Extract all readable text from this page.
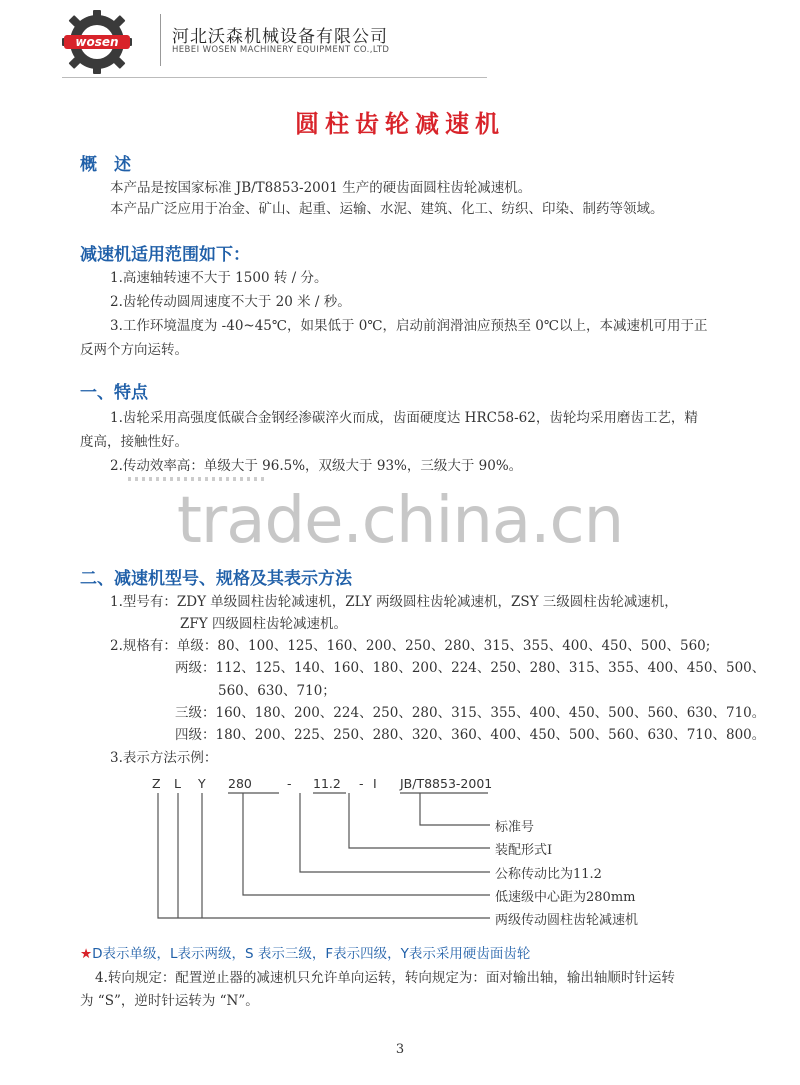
wosen	河北沃森机械设备有限公司
HEBEI WOSEN MACHINERY EQUIPMENT CO.,LTD
圆柱齿轮减速机
概　述
本产品是按国家标准 JB/T8853-2001 生产的硬齿面圆柱齿轮减速机。
本产品广泛应用于冶金、矿山、起重、运输、水泥、建筑、化工、纺织、印染、制药等领域。
减速机适用范围如下：
1.高速轴转速不大于 1500 转 / 分。
2.齿轮传动圆周速度不大于 20 米 / 秒。
3.工作环境温度为 -40~45℃，如果低于 0℃，启动前润滑油应预热至 0℃以上，本减速机可用于正
反两个方向运转。
一、特点
1.齿轮采用高强度低碳合金钢经渗碳淬火而成，齿面硬度达 HRC58-62，齿轮均采用磨齿工艺，精
度高，接触性好。
2.传动效率高：单级大于 96.5%，双级大于 93%，三级大于 90%。
trade.china.cn
二、减速机型号、规格及其表示方法
1.型号有：ZDY 单级圆柱齿轮减速机，ZLY 两级圆柱齿轮减速机，ZSY 三级圆柱齿轮减速机，
ZFY 四级圆柱齿轮减速机。
2.规格有：单级：80、100、125、160、200、250、280、315、355、400、450、500、560;
两级：112、125、140、160、180、200、224、250、280、315、355、400、450、500、
560、630、710；
三级：160、180、200、224、250、280、315、355、400、450、500、560、630、710。
四级：180、200、225、250、280、320、360、400、450、500、560、630、710、800。
3.表示方法示例：
Z L Y 280	- 11.2 - I JB/T8853-2001
标准号
装配形式I
公称传动比为11.2
低速级中心距为280mm
两级传动圆柱齿轮减速机
★D表示单级，L表示两级，S 表示三级，F表示四级，Y表示采用硬齿面齿轮
4.转向规定：配置逆止器的减速机只允许单向运转，转向规定为：面对输出轴，输出轴顺时针运转
为 “S”，逆时针运转为 “N”。
3
